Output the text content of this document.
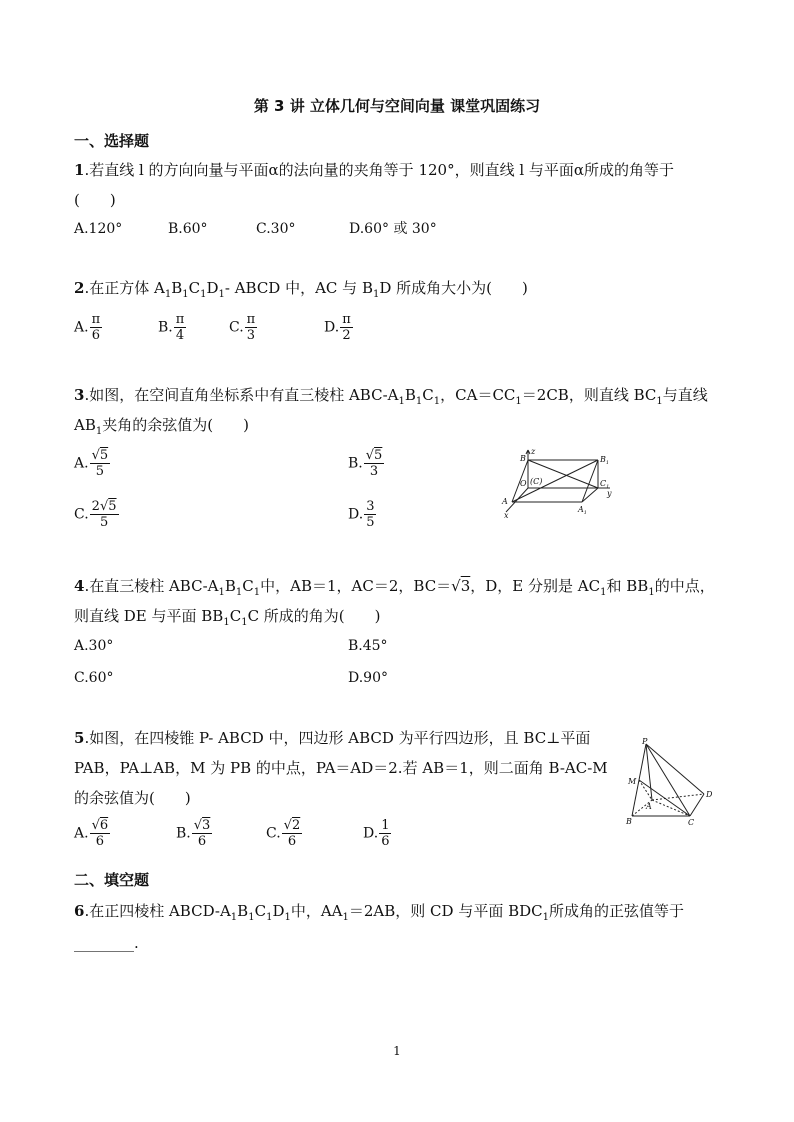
第 3 讲 立体几何与空间向量 课堂巩固练习
一、选择题
1.若直线 l 的方向向量与平面α的法向量的夹角等于 120°，则直线 l 与平面α所成的角等于
(　　)
A.120°	B.60°	C.30°	D.60° 或 30°
2.在正方体 $A_1B_1C_1D_1-$ ABCD 中，AC 与 $B_1D$ 所成角大小为(　　)
A. $\frac{\pi}{6}$	B. $\frac{\pi}{4}$	C. $\frac{\pi}{3}$	D. $\frac{\pi}{2}$
3.如图，在空间直角坐标系中有直三棱柱 ABC-$A_1B_1C_1$，$CA=CC_1=2CB$，则直线 $BC_1$与直线
$AB_1$夹角的余弦值为(　　)
A. $\frac{√5}{5}$	B. $\frac{√5}{3}$
C. $\frac{2√5}{5}$	D. $\frac{3}{5}$
z
B	$B_1$
O (C)	$C_1$
y
A
$A_1$
x
4.在直三棱柱 ABC-$A_1B_1C_1$中，AB＝1，AC＝2，BC＝√3，D，E 分别是 $AC_1$和 $BB_1$的中点，
则直线 DE 与平面 $BB_1C_1C$ 所成的角为(　　)
A.30°	B.45°
C.60°	D.90°
5.如图，在四棱锥 P- ABCD 中，四边形 ABCD 为平行四边形，且 BC⊥平面
PAB，PA⊥AB，M 为 PB 的中点，PA＝AD＝2.若 AB＝1，则二面角 B-AC-M
的余弦值为(　　)
A. $\frac{√6}{6}$	B. $\frac{√3}{6}$	C. $\frac{√2}{6}$	D. $\frac{1}{6}$
P
M
A
D
B	C
二、填空题
6.在正四棱柱 ABCD-$A_1B_1C_1D_1$中，$AA_1=2AB$，则 CD 与平面 $BDC_1$所成角的正弦值等于
________.
1
